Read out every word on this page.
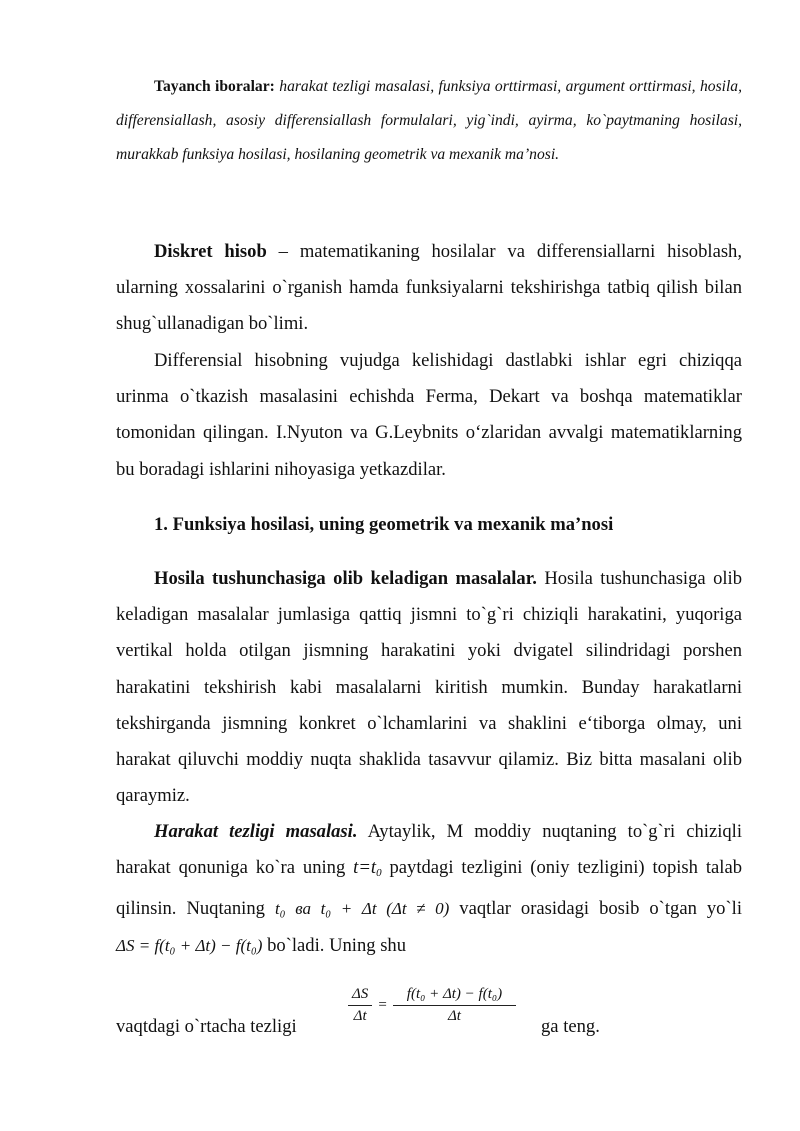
Tayanch iboralar: harakat tezligi masalasi, funksiya orttirmasi, argument orttirmasi, hosila, differensiallash, asosiy differensiallash formulalari, yig`indi, ayirma, ko`paytmaning hosilasi, murakkab funksiya hosilasi, hosilaning geometrik va mexanik ma’nosi.
Diskret hisob – matematikaning hosilalar va differensiallarni hisoblash, ularning xossalarini o`rganish hamda funksiyalarni tekshirishga tatbiq qilish bilan shug`ullanadigan bo`limi.
Differensial hisobning vujudga kelishidagi dastlabki ishlar egri chiziqqa urinma o`tkazish masalasini echishda Ferma, Dekart va boshqa matematiklar tomonidan qilingan. I.Nyuton va G.Leybnits o‘zlaridan avvalgi matematiklarning bu boradagi ishlarini nihoyasiga yetkazdilar.
1. Funksiya hosilasi, uning geometrik va mexanik ma’nosi
Hosila tushunchasiga olib keladigan masalalar. Hosila tushunchasiga olib keladigan masalalar jumlasiga qattiq jismni to`g`ri chiziqli harakatini, yuqoriga vertikal holda otilgan jismning harakatini yoki dvigatel silindridagi porshen harakatini tekshirish kabi masalalarni kiritish mumkin. Bunday harakatlarni tekshirganda jismning konkret o`lchamlarini va shaklini e‘tiborga olmay, uni harakat qiluvchi moddiy nuqta shaklida tasavvur qilamiz. Biz bitta masalani olib qaraymiz.
Harakat tezligi masalasi. Aytaylik, M moddiy nuqtaning to`g`ri chiziqli harakat qonuniga ko`ra uning $t=t_0$ paytdagi tezligini (oniy tezligini) topish talab qilinsin. Nuqtaning t₀ ва t₀ + Δt (Δt ≠ 0) vaqtlar orasidagi bosib o`tgan yo`li ΔS = f(t₀ + Δt) − f(t₀) bo`ladi. Uning shu
vaqtdagi o`rtacha tezligi
$\frac{\Delta S}{\Delta t} = \frac{\text{f(t₀ + Δt) − f(t₀)}}{\Delta t}$
ga teng.
